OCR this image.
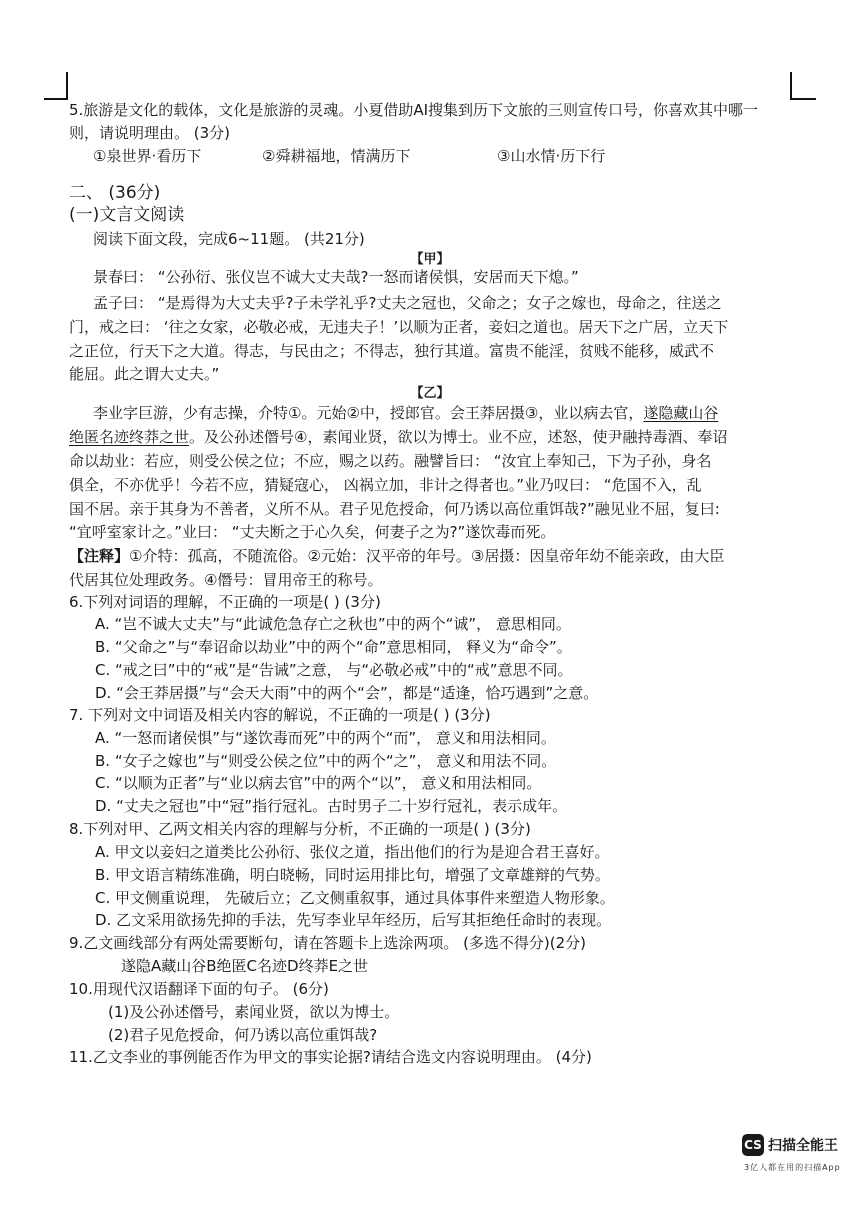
5.旅游是文化的载体，文化是旅游的灵魂。小夏借助AI搜集到历下文旅的三则宣传口号，你喜欢其中哪一
则，请说明理由。 (3分)
①泉世界·看历下	②舜耕福地，情满历下	③山水情·历下行
二、 (36分)
(一)文言文阅读
阅读下面文段，完成6~11题。 (共21分)
【甲】
景春曰： “公孙衍、张仪岂不诚大丈夫哉?一怒而诸侯惧，安居而天下熄。”
孟子曰： “是焉得为大丈夫乎?子未学礼乎?丈夫之冠也，父命之；女子之嫁也，母命之，往送之
门，戒之曰： ‘往之女家，必敬必戒，无违夫子！’以顺为正者，妾妇之道也。居天下之广居，立天下
之正位，行天下之大道。得志，与民由之；不得志，独行其道。富贵不能淫，贫贱不能移，威武不
能屈。此之谓大丈夫。”
【乙】
李业字巨游，少有志操，介特①。元始②中，授郎官。会王莽居摄③，业以病去官，遂隐藏山谷
绝匿名迹终莽之世。及公孙述僭号④，素闻业贤，欲以为博士。业不应，述怒，使尹融持毒酒、奉诏
命以劫业：若应，则受公侯之位；不应，赐之以药。融譬旨曰： “汝宜上奉知己，下为子孙，身名
俱全，不亦优乎！今若不应，猜疑寇心， 凶祸立加，非计之得者也。”业乃叹曰： “危国不入，乱
国不居。亲于其身为不善者，义所不从。君子见危授命，何乃诱以高位重饵哉?”融见业不屈，复曰:
“宜呼室家计之。”业曰： “丈夫断之于心久矣，何妻子之为?”遂饮毒而死。
【注释】①介特：孤高，不随流俗。②元始：汉平帝的年号。③居摄：因皇帝年幼不能亲政，由大臣
代居其位处理政务。④僭号：冒用帝王的称号。
6.下列对词语的理解，不正确的一项是( ) (3分)
A. “岂不诚大丈夫”与“此诚危急存亡之秋也”中的两个“诚”， 意思相同。
B. “父命之”与“奉诏命以劫业”中的两个“命”意思相同， 释义为“命令”。
C. “戒之曰”中的“戒”是“告诫”之意， 与“必敬必戒”中的“戒”意思不同。
D. “会王莽居摄”与“会天大雨”中的两个“会”，都是“适逢，恰巧遇到”之意。
7. 下列对文中词语及相关内容的解说，不正确的一项是( ) (3分)
A. “一怒而诸侯惧”与“遂饮毒而死”中的两个“而”， 意义和用法相同。
B. “女子之嫁也”与“则受公侯之位”中的两个“之”， 意义和用法不同。
C. “以顺为正者”与“业以病去官”中的两个“以”， 意义和用法相同。
D. “丈夫之冠也”中“冠”指行冠礼。古时男子二十岁行冠礼，表示成年。
8.下列对甲、乙两文相关内容的理解与分析，不正确的一项是( ) (3分)
A. 甲文以妾妇之道类比公孙衍、张仪之道，指出他们的行为是迎合君王喜好。
B. 甲文语言精练准确，明白晓畅，同时运用排比句，增强了文章雄辩的气势。
C. 甲文侧重说理， 先破后立；乙文侧重叙事，通过具体事件来塑造人物形象。
D. 乙文采用欲扬先抑的手法，先写李业早年经历，后写其拒绝任命时的表现。
9.乙文画线部分有两处需要断句，请在答题卡上选涂两项。 (多选不得分)(2分)
遂隐A藏山谷B绝匿C名迹D终莽E之世
10.用现代汉语翻译下面的句子。 (6分)
(1)及公孙述僭号，素闻业贤，欲以为博士。
(2)君子见危授命，何乃诱以高位重饵哉?
11.乙文李业的事例能否作为甲文的事实论据?请结合选文内容说明理由。 (4分)
CS 扫描全能王
3亿人都在用的扫描App
